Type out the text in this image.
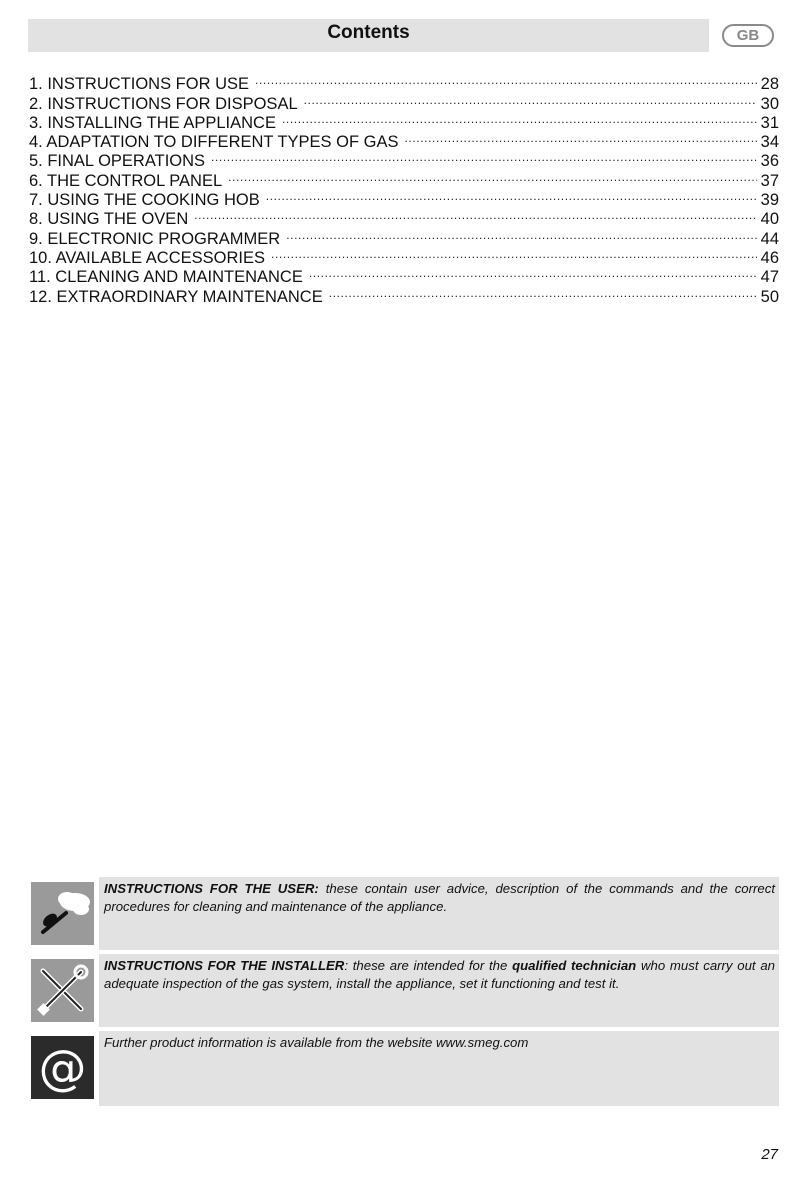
Contents	GB
1. INSTRUCTIONS FOR USE .....	28
2. INSTRUCTIONS FOR DISPOSAL .....	30
3. INSTALLING THE APPLIANCE .....	31
4. ADAPTATION TO DIFFERENT TYPES OF GAS .....	34
5. FINAL OPERATIONS .....	36
6. THE CONTROL PANEL .....	37
7. USING THE COOKING HOB .....	39
8. USING THE OVEN .....	40
9. ELECTRONIC PROGRAMMER .....	44
10. AVAILABLE ACCESSORIES .....	46
11. CLEANING AND MAINTENANCE .....	47
12. EXTRAORDINARY MAINTENANCE .....	50
INSTRUCTIONS FOR THE USER: these contain user advice, description of the commands and the correct procedures for cleaning and maintenance of the appliance.
INSTRUCTIONS FOR THE INSTALLER: these are intended for the qualified technician who must carry out an adequate inspection of the gas system, install the appliance, set it functioning and test it.
@	Further product information is available from the website www.smeg.com
27
